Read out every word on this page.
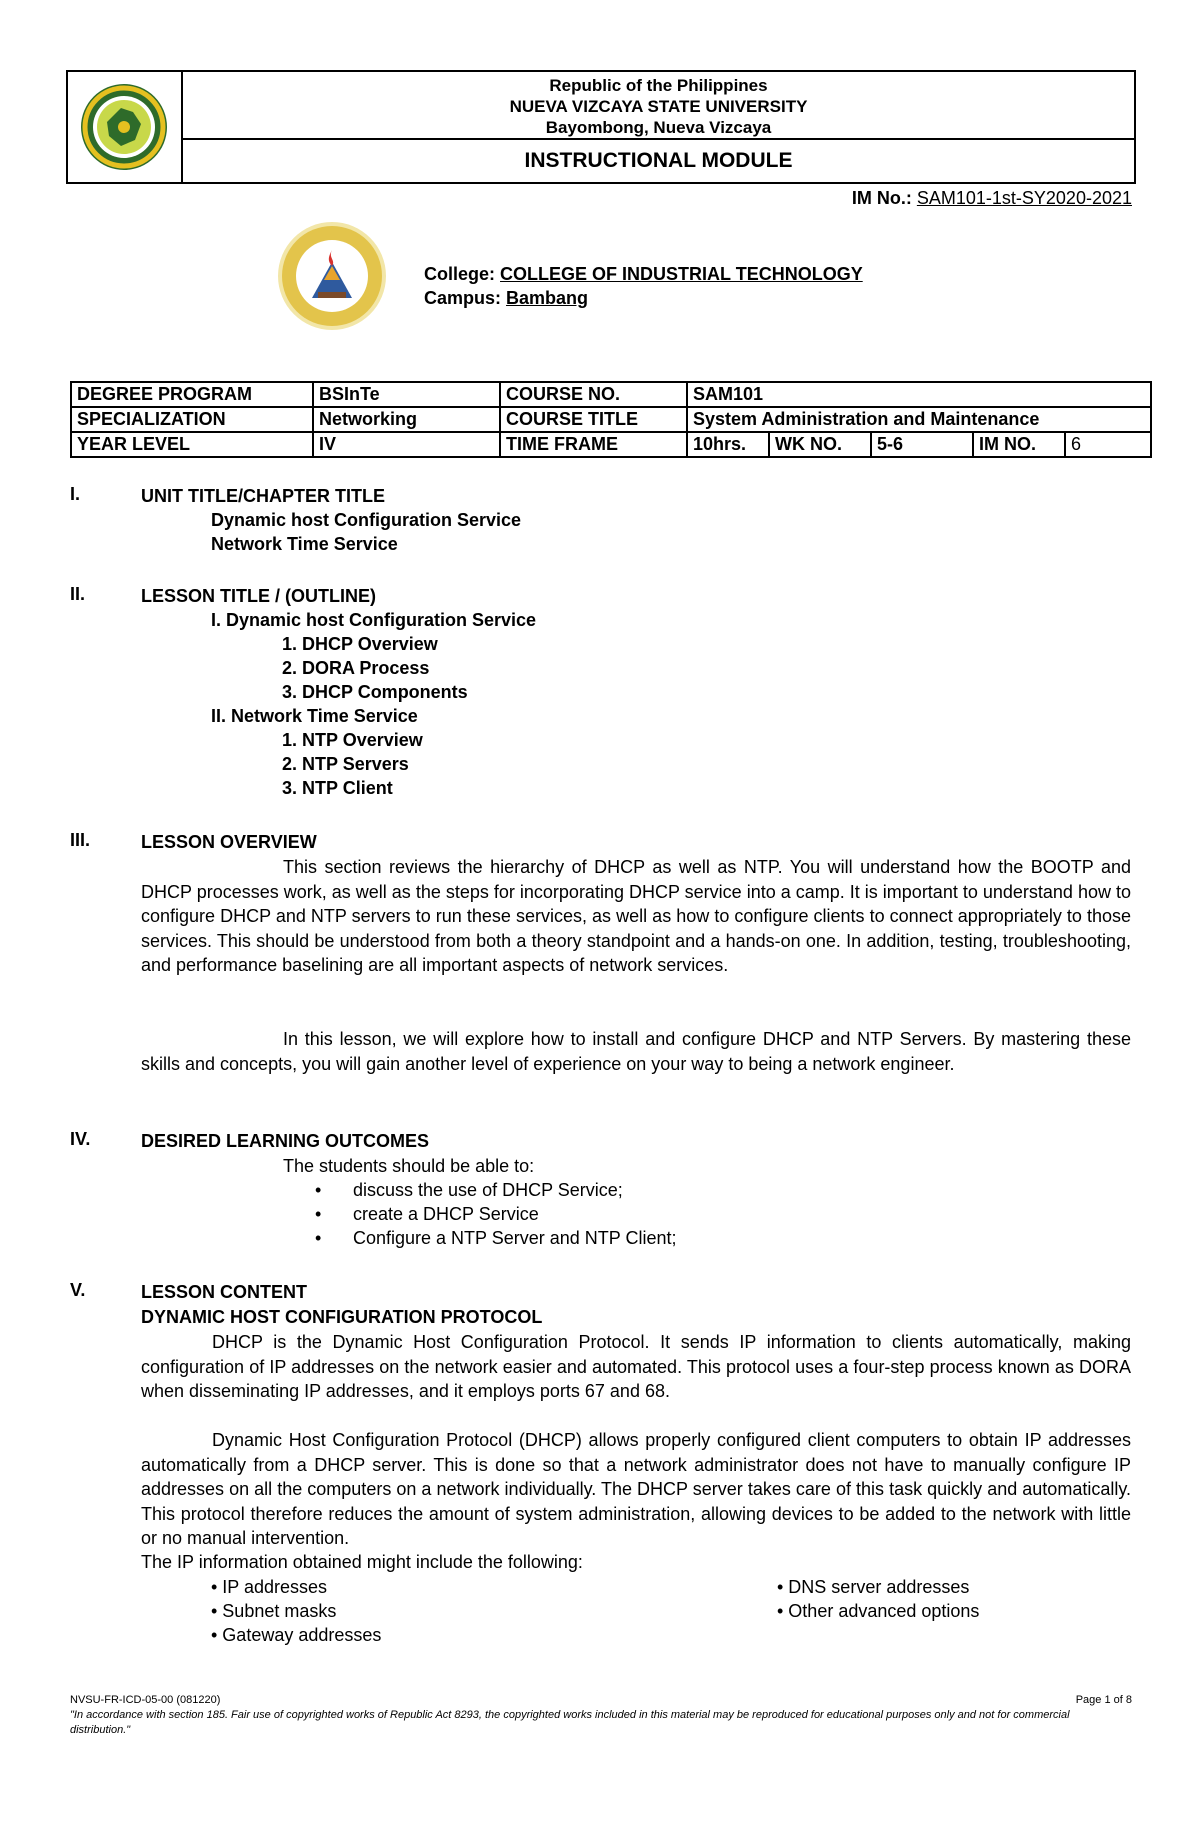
Republic of the Philippines
NUEVA VIZCAYA STATE UNIVERSITY
Bayombong, Nueva Vizcaya
INSTRUCTIONAL MODULE
IM No.: SAM101-1st-SY2020-2021
College: COLLEGE OF INDUSTRIAL TECHNOLOGY
Campus: Bambang
DEGREE PROGRAM	BSInTe	COURSE NO.	SAM101				
SPECIALIZATION	Networking	COURSE TITLE	System Administration and Maintenance				
YEAR LEVEL	IV	TIME FRAME	10hrs.	WK NO.	5-6	IM NO.	6
I.	UNIT TITLE/CHAPTER TITLE
Dynamic host Configuration Service
Network Time Service
II.	LESSON TITLE / (OUTLINE)
I. Dynamic host Configuration Service
1. DHCP Overview
2. DORA Process
3. DHCP Components
II. Network Time Service
1. NTP Overview
2. NTP Servers
3. NTP Client
III.	LESSON OVERVIEW
This section reviews the hierarchy of DHCP as well as NTP. You will understand how the BOOTP and DHCP processes work, as well as the steps for incorporating DHCP service into a camp. It is important to understand how to configure DHCP and NTP servers to run these services, as well as how to configure clients to connect appropriately to those services. This should be understood from both a theory standpoint and a hands-on one. In addition, testing, troubleshooting, and performance baselining are all important aspects of network services.
In this lesson, we will explore how to install and configure DHCP and NTP Servers. By mastering these skills and concepts, you will gain another level of experience on your way to being a network engineer.
IV.	DESIRED LEARNING OUTCOMES
The students should be able to:
• discuss the use of DHCP Service;
• create a DHCP Service
• Configure a NTP Server and NTP Client;
V.	LESSON CONTENT
DYNAMIC HOST CONFIGURATION PROTOCOL
DHCP is the Dynamic Host Configuration Protocol. It sends IP information to clients automatically, making configuration of IP addresses on the network easier and automated. This protocol uses a four-step process known as DORA when disseminating IP addresses, and it employs ports 67 and 68.
Dynamic Host Configuration Protocol (DHCP) allows properly configured client computers to obtain IP addresses automatically from a DHCP server. This is done so that a network administrator does not have to manually configure IP addresses on all the computers on a network individually. The DHCP server takes care of this task quickly and automatically. This protocol therefore reduces the amount of system administration, allowing devices to be added to the network with little or no manual intervention.
The IP information obtained might include the following:
• IP addresses
• Subnet masks
• Gateway addresses
• DNS server addresses
• Other advanced options
NVSU-FR-ICD-05-00 (081220)	Page 1 of 8
"In accordance with section 185. Fair use of copyrighted works of Republic Act 8293, the copyrighted works included in this material may be reproduced for educational purposes only and not for commercial distribution."
